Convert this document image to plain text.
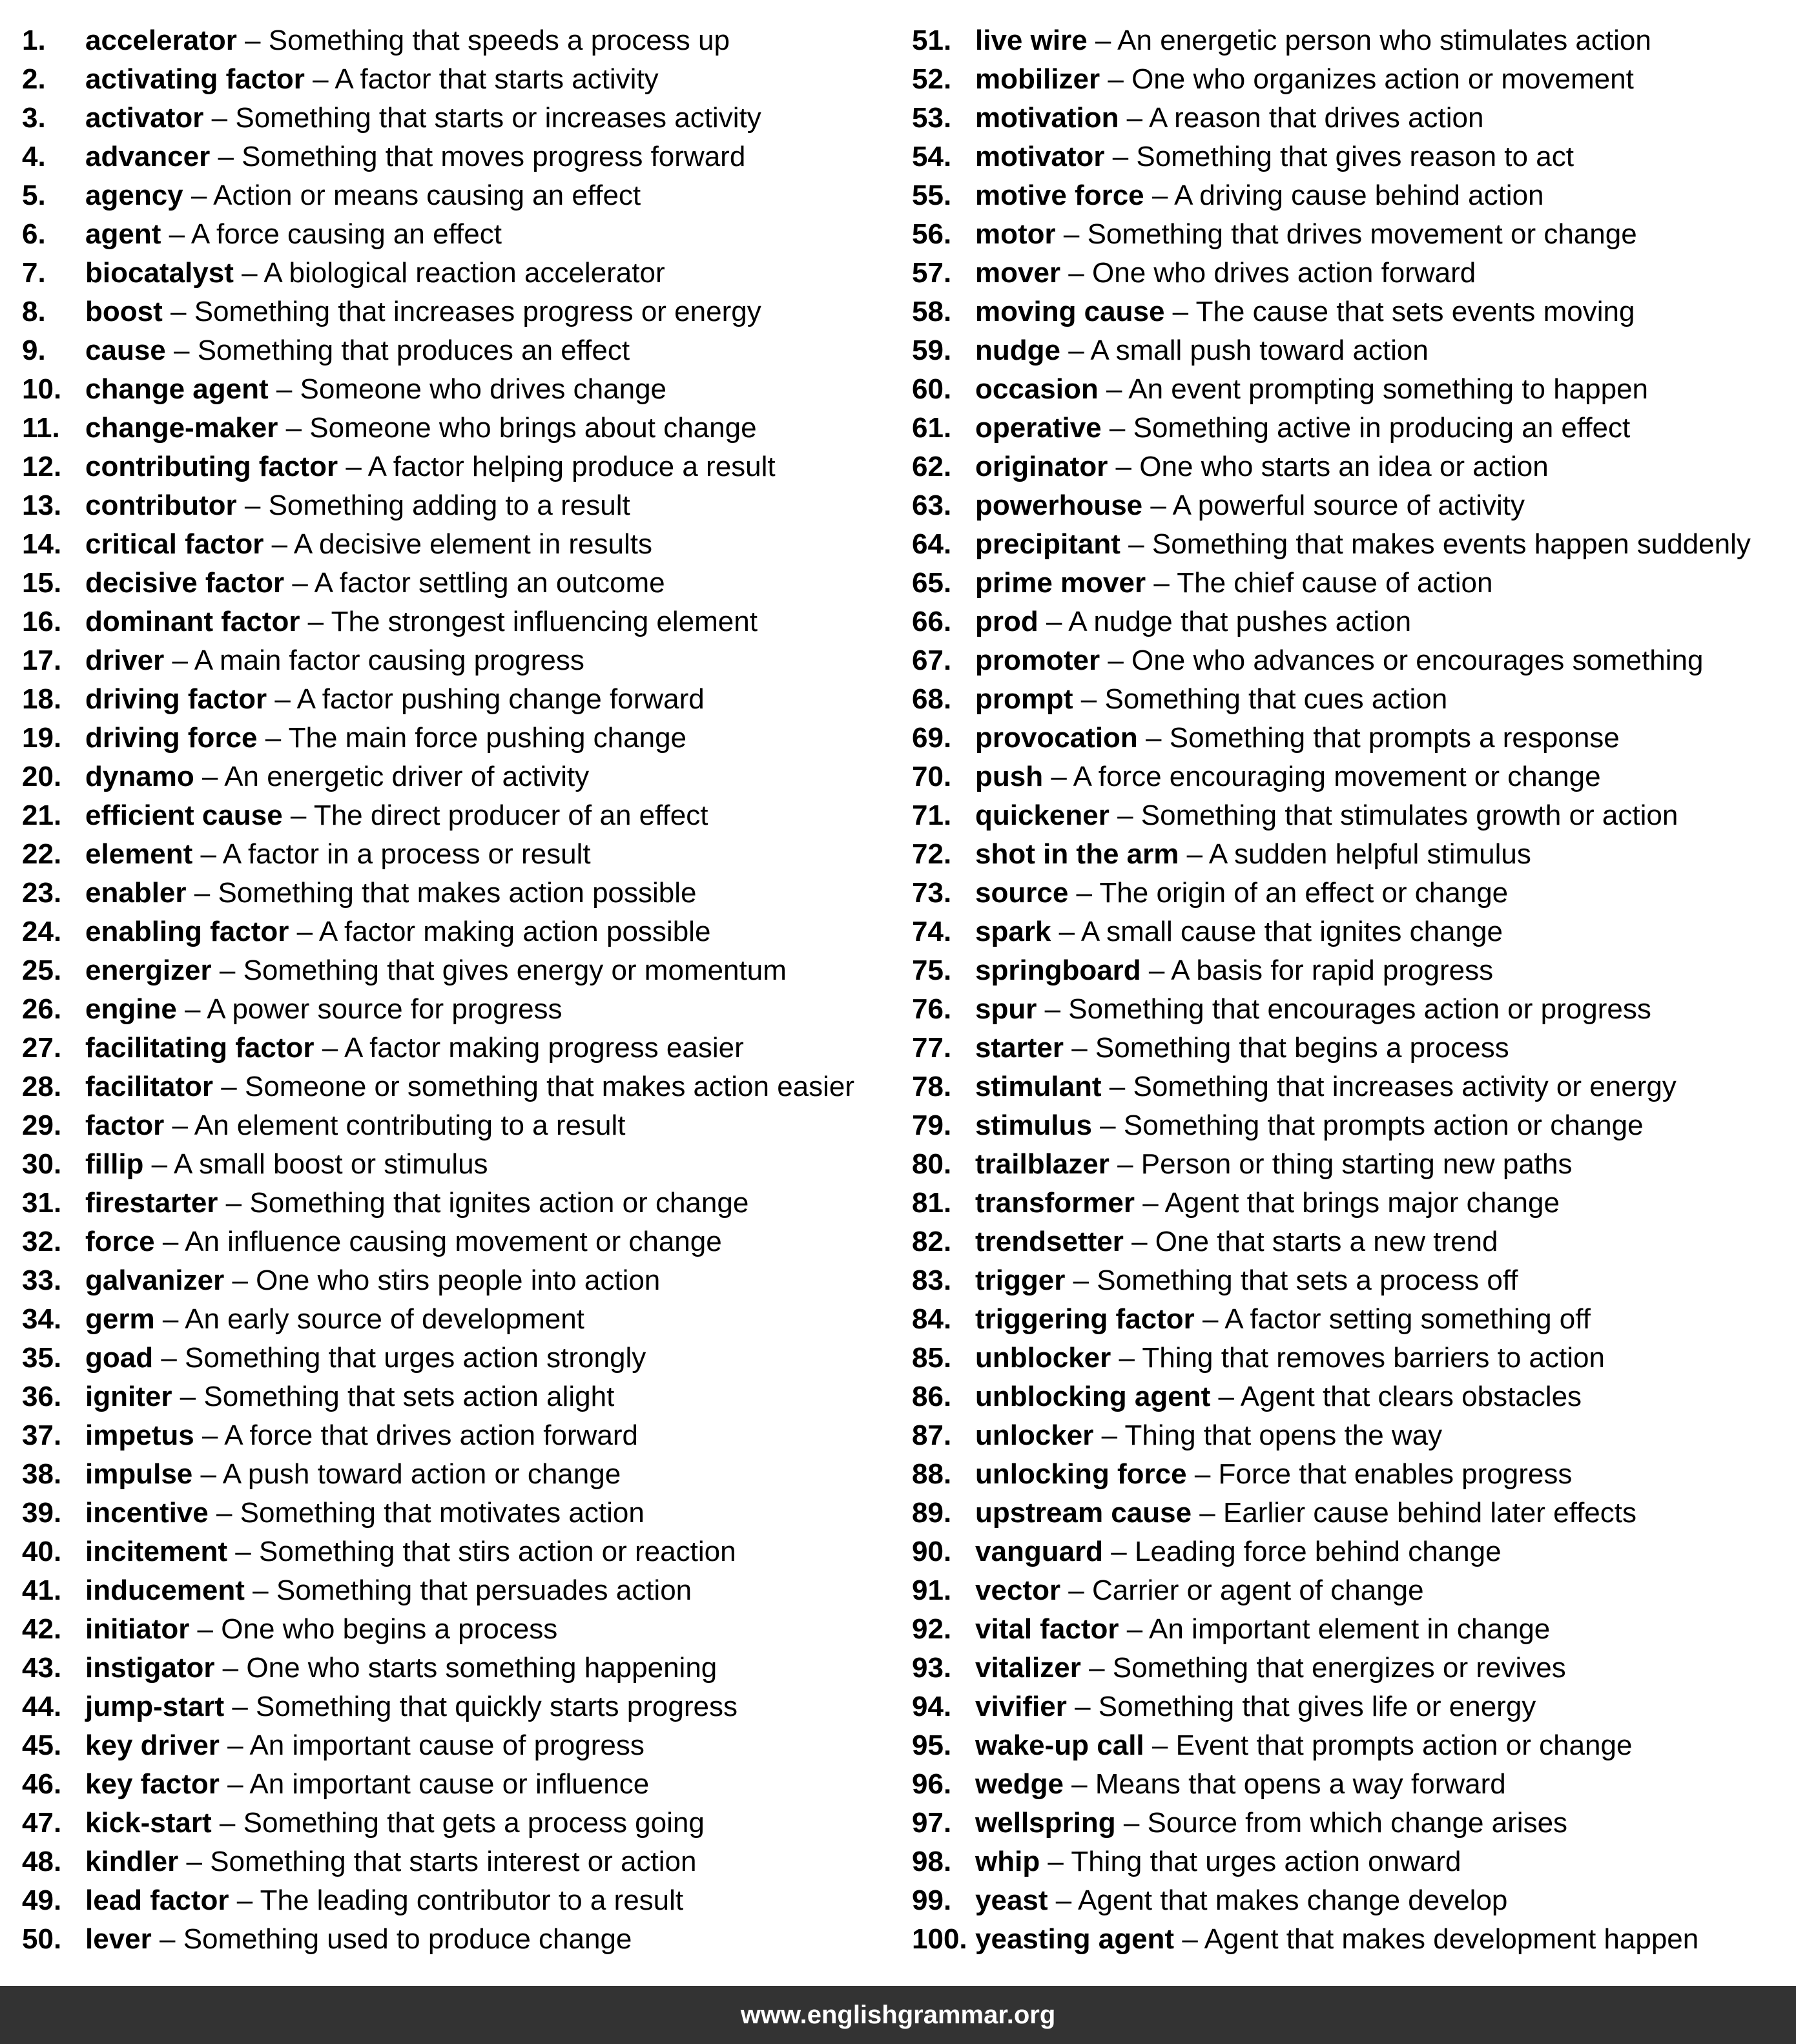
1. accelerator – Something that speeds a process up
2. activating factor – A factor that starts activity
3. activator – Something that starts or increases activity
4. advancer – Something that moves progress forward
5. agency – Action or means causing an effect
6. agent – A force causing an effect
7. biocatalyst – A biological reaction accelerator
8. boost – Something that increases progress or energy
9. cause – Something that produces an effect
10. change agent – Someone who drives change
11. change-maker – Someone who brings about change
12. contributing factor – A factor helping produce a result
13. contributor – Something adding to a result
14. critical factor – A decisive element in results
15. decisive factor – A factor settling an outcome
16. dominant factor – The strongest influencing element
17. driver – A main factor causing progress
18. driving factor – A factor pushing change forward
19. driving force – The main force pushing change
20. dynamo – An energetic driver of activity
21. efficient cause – The direct producer of an effect
22. element – A factor in a process or result
23. enabler – Something that makes action possible
24. enabling factor – A factor making action possible
25. energizer – Something that gives energy or momentum
26. engine – A power source for progress
27. facilitating factor – A factor making progress easier
28. facilitator – Someone or something that makes action easier
29. factor – An element contributing to a result
30. fillip – A small boost or stimulus
31. firestarter – Something that ignites action or change
32. force – An influence causing movement or change
33. galvanizer – One who stirs people into action
34. germ – An early source of development
35. goad – Something that urges action strongly
36. igniter – Something that sets action alight
37. impetus – A force that drives action forward
38. impulse – A push toward action or change
39. incentive – Something that motivates action
40. incitement – Something that stirs action or reaction
41. inducement – Something that persuades action
42. initiator – One who begins a process
43. instigator – One who starts something happening
44. jump-start – Something that quickly starts progress
45. key driver – An important cause of progress
46. key factor – An important cause or influence
47. kick-start – Something that gets a process going
48. kindler – Something that starts interest or action
49. lead factor – The leading contributor to a result
50. lever – Something used to produce change
51. live wire – An energetic person who stimulates action
52. mobilizer – One who organizes action or movement
53. motivation – A reason that drives action
54. motivator – Something that gives reason to act
55. motive force – A driving cause behind action
56. motor – Something that drives movement or change
57. mover – One who drives action forward
58. moving cause – The cause that sets events moving
59. nudge – A small push toward action
60. occasion – An event prompting something to happen
61. operative – Something active in producing an effect
62. originator – One who starts an idea or action
63. powerhouse – A powerful source of activity
64. precipitant – Something that makes events happen suddenly
65. prime mover – The chief cause of action
66. prod – A nudge that pushes action
67. promoter – One who advances or encourages something
68. prompt – Something that cues action
69. provocation – Something that prompts a response
70. push – A force encouraging movement or change
71. quickener – Something that stimulates growth or action
72. shot in the arm – A sudden helpful stimulus
73. source – The origin of an effect or change
74. spark – A small cause that ignites change
75. springboard – A basis for rapid progress
76. spur – Something that encourages action or progress
77. starter – Something that begins a process
78. stimulant – Something that increases activity or energy
79. stimulus – Something that prompts action or change
80. trailblazer – Person or thing starting new paths
81. transformer – Agent that brings major change
82. trendsetter – One that starts a new trend
83. trigger – Something that sets a process off
84. triggering factor – A factor setting something off
85. unblocker – Thing that removes barriers to action
86. unblocking agent – Agent that clears obstacles
87. unlocker – Thing that opens the way
88. unlocking force – Force that enables progress
89. upstream cause – Earlier cause behind later effects
90. vanguard – Leading force behind change
91. vector – Carrier or agent of change
92. vital factor – An important element in change
93. vitalizer – Something that energizes or revives
94. vivifier – Something that gives life or energy
95. wake-up call – Event that prompts action or change
96. wedge – Means that opens a way forward
97. wellspring – Source from which change arises
98. whip – Thing that urges action onward
99. yeast – Agent that makes change develop
100. yeasting agent – Agent that makes development happen
www.englishgrammar.org
